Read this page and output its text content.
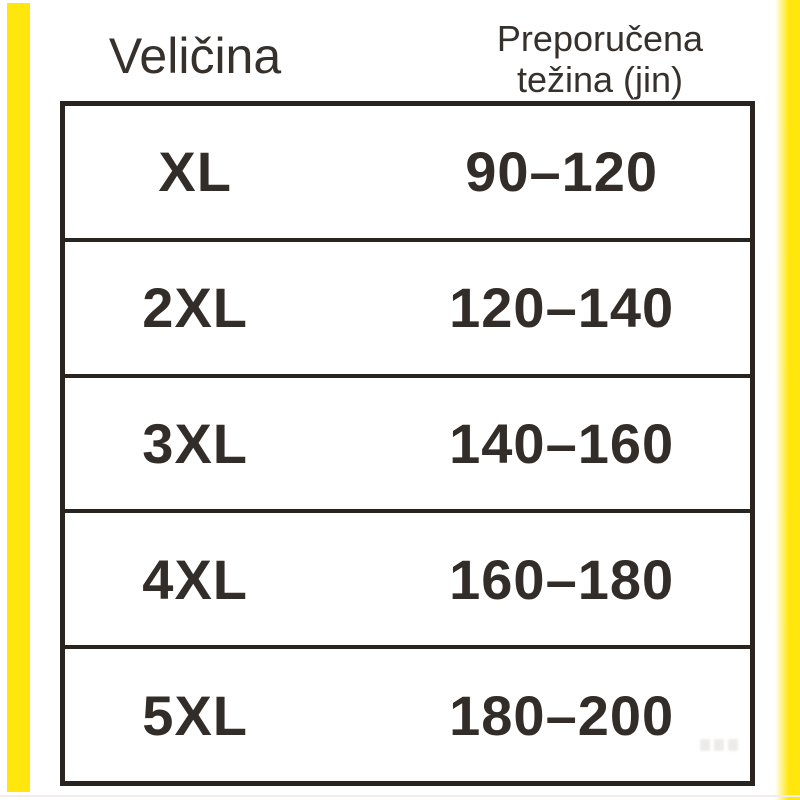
Veličina	Preporučena
težina (jin)
XL	90–120
2XL	120–140
3XL	140–160
4XL	160–180
5XL	180–200
